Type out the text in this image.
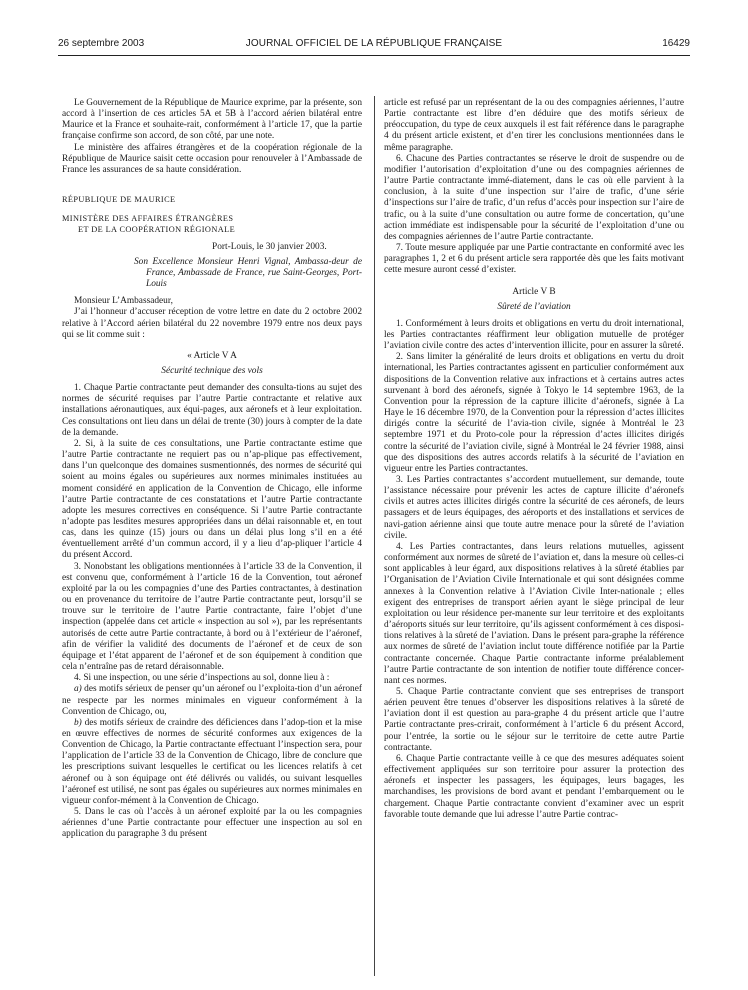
26 septembre 2003	JOURNAL OFFICIEL DE LA RÉPUBLIQUE FRANÇAISE	16429

Le Gouvernement de la République de Maurice exprime, par la présente, son accord à l’insertion de ces articles 5A et 5B à l’accord aérien bilatéral entre Maurice et la France et souhaite-rait, conformément à l’article 17, que la partie française confirme son accord, de son côté, par une note.

Le ministère des affaires étrangères et de la coopération régionale de la République de Maurice saisit cette occasion pour renouveler à l’Ambassade de France les assurances de sa haute considération.

RÉPUBLIQUE DE MAURICE

MINISTÈRE DES AFFAIRES ÉTRANGÈRES

ET DE LA COOPÉRATION RÉGIONALE

Port-Louis, le 30 janvier 2003.

Son Excellence Monsieur Henri Vignal, Ambassa-deur de France, Ambassade de France, rue Saint-Georges, Port-Louis

Monsieur L’Ambassadeur,

J’ai l’honneur d’accuser réception de votre lettre en date du 2 octobre 2002 relative à l’Accord aérien bilatéral du 22 novembre 1979 entre nos deux pays qui se lit comme suit :

« Article V A

Sécurité technique des vols

1. Chaque Partie contractante peut demander des consulta-tions au sujet des normes de sécurité requises par l’autre Partie contractante et relative aux installations aéronautiques, aux équi-pages, aux aéronefs et à leur exploitation. Ces consultations ont lieu dans un délai de trente (30) jours à compter de la date de la demande.

2. Si, à la suite de ces consultations, une Partie contractante estime que l’autre Partie contractante ne requiert pas ou n’ap-plique pas effectivement, dans l’un quelconque des domaines susmentionnés, des normes de sécurité qui soient au moins égales ou supérieures aux normes minimales instituées au moment considéré en application de la Convention de Chicago, elle informe l’autre Partie contractante de ces constatations et l’autre Partie contractante adopte les mesures correctives en conséquence. Si l’autre Partie contractante n’adopte pas lesdites mesures appropriées dans un délai raisonnable et, en tout cas, dans les quinze (15) jours ou dans un délai plus long s’il en a été éventuellement arrêté d’un commun accord, il y a lieu d’ap-pliquer l’article 4 du présent Accord.

3. Nonobstant les obligations mentionnées à l’article 33 de la Convention, il est convenu que, conformément à l’article 16 de la Convention, tout aéronef exploité par la ou les compagnies d’une des Parties contractantes, à destination ou en provenance du territoire de l’autre Partie contractante peut, lorsqu’il se trouve sur le territoire de l’autre Partie contractante, faire l’objet d’une inspection (appelée dans cet article « inspection au sol »), par les représentants autorisés de cette autre Partie contractante, à bord ou à l’extérieur de l’aéronef, afin de vérifier la validité des documents de l’aéronef et de ceux de son équipage et l’état apparent de l’aéronef et de son équipement à condition que cela n’entraîne pas de retard déraisonnable.

4. Si une inspection, ou une série d’inspections au sol, donne lieu à :

a) des motifs sérieux de penser qu’un aéronef ou l’exploita-tion d’un aéronef ne respecte par les normes minimales en vigueur conformément à la Convention de Chicago, ou,

b) des motifs sérieux de craindre des déficiences dans l’adop-tion et la mise en œuvre effectives de normes de sécurité conformes aux exigences de la Convention de Chicago, la Partie contractante effectuant l’inspection sera, pour l’application de l’article 33 de la Convention de Chicago, libre de conclure que les prescriptions suivant lesquelles le certificat ou les licences relatifs à cet aéronef ou à son équipage ont été délivrés ou validés, ou suivant lesquelles l’aéronef est utilisé, ne sont pas égales ou supérieures aux normes minimales en vigueur confor-mément à la Convention de Chicago.

5. Dans le cas où l’accès à un aéronef exploité par la ou les compagnies aériennes d’une Partie contractante pour effectuer une inspection au sol en application du paragraphe 3 du présent

article est refusé par un représentant de la ou des compagnies aériennes, l’autre Partie contractante est libre d’en déduire que des motifs sérieux de préoccupation, du type de ceux auxquels il est fait référence dans le paragraphe 4 du présent article existent, et d’en tirer les conclusions mentionnées dans le même paragraphe.

6. Chacune des Parties contractantes se réserve le droit de suspendre ou de modifier l’autorisation d’exploitation d’une ou des compagnies aériennes de l’autre Partie contractante immé-diatement, dans le cas où elle parvient à la conclusion, à la suite d’une inspection sur l’aire de trafic, d’une série d’inspections sur l’aire de trafic, d’un refus d’accès pour inspection sur l’aire de trafic, ou à la suite d’une consultation ou autre forme de concertation, qu’une action immédiate est indispensable pour la sécurité de l’exploitation d’une ou des compagnies aériennes de l’autre Partie contractante.

7. Toute mesure appliquée par une Partie contractante en conformité avec les paragraphes 1, 2 et 6 du présent article sera rapportée dès que les faits motivant cette mesure auront cessé d’exister.

Article V B

Sûreté de l’aviation

1. Conformément à leurs droits et obligations en vertu du droit international, les Parties contractantes réaffirment leur obligation mutuelle de protéger l’aviation civile contre des actes d’intervention illicite, pour en assurer la sûreté.

2. Sans limiter la généralité de leurs droits et obligations en vertu du droit international, les Parties contractantes agissent en particulier conformément aux dispositions de la Convention relative aux infractions et à certains autres actes survenant à bord des aéronefs, signée à Tokyo le 14 septembre 1963, de la Convention pour la répression de la capture illicite d’aéronefs, signée à La Haye le 16 décembre 1970, de la Convention pour la répression d’actes illicites dirigés contre la sécurité de l’avia-tion civile, signée à Montréal le 23 septembre 1971 et du Proto-cole pour la répression d’actes illicites dirigés contre la sécurité de l’aviation civile, signé à Montréal le 24 février 1988, ainsi que des dispositions des autres accords relatifs à la sécurité de l’aviation en vigueur entre les Parties contractantes.

3. Les Parties contractantes s’accordent mutuellement, sur demande, toute l’assistance nécessaire pour prévenir les actes de capture illicite d’aéronefs civils et autres actes illicites dirigés contre la sécurité de ces aéronefs, de leurs passagers et de leurs équipages, des aéroports et des installations et services de navi-gation aérienne ainsi que toute autre menace pour la sûreté de l’aviation civile.

4. Les Parties contractantes, dans leurs relations mutuelles, agissent conformément aux normes de sûreté de l’aviation et, dans la mesure où celles-ci sont applicables à leur égard, aux dispositions relatives à la sûreté établies par l’Organisation de l’Aviation Civile Internationale et qui sont désignées comme annexes à la Convention relative à l’Aviation Civile Inter-nationale ; elles exigent des entreprises de transport aérien ayant le siège principal de leur exploitation ou leur résidence per-manente sur leur territoire et des exploitants d’aéroports situés sur leur territoire, qu’ils agissent conformément à ces disposi-tions relatives à la sûreté de l’aviation. Dans le présent para-graphe la référence aux normes de sûreté de l’aviation inclut toute différence notifiée par la Partie contractante concernée. Chaque Partie contractante informe préalablement l’autre Partie contractante de son intention de notifier toute différence concer-nant ces normes.

5. Chaque Partie contractante convient que ses entreprises de transport aérien peuvent être tenues d’observer les dispositions relatives à la sûreté de l’aviation dont il est question au para-graphe 4 du présent article que l’autre Partie contractante pres-crirait, conformément à l’article 6 du présent Accord, pour l’entrée, la sortie ou le séjour sur le territoire de cette autre Partie contractante.

6. Chaque Partie contractante veille à ce que des mesures adéquates soient effectivement appliquées sur son territoire pour assurer la protection des aéronefs et inspecter les passagers, les équipages, leurs bagages, les marchandises, les provisions de bord avant et pendant l’embarquement ou le chargement. Chaque Partie contractante convient d’examiner avec un esprit favorable toute demande que lui adresse l’autre Partie contrac-
